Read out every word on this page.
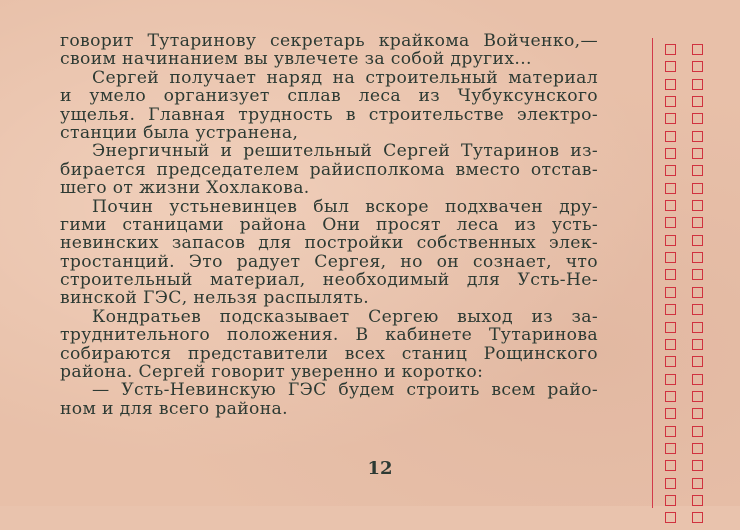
говорит Тутаринову секретарь крайкома Войченко,—
своим начинанием вы увлечете за собой других...
Сергей получает наряд на строительный материал
и умело организует сплав леса из Чубуксунского
ущелья. Главная трудность в строительстве электро-
станции была устранена,
Энергичный и решительный Сергей Тутаринов из-
бирается председателем райисполкома вместо отстав-
шего от жизни Хохлакова.
Почин устьневинцев был вскоре подхвачен дру-
гими станицами района Они просят леса из усть-
невинских запасов для постройки собственных элек-
тростанций. Это радует Сергея, но он сознает, что
строительный материал, необходимый для Усть-Не-
винской ГЭС, нельзя распылять.
Кондратьев подсказывает Сергею выход из за-
труднительного положения. В кабинете Тутаринова
собираются представители всех станиц Рощинского
района. Сергей говорит уверенно и коротко:
— Усть-Невинскую ГЭС будем строить всем райо-
ном и для всего района.
12
